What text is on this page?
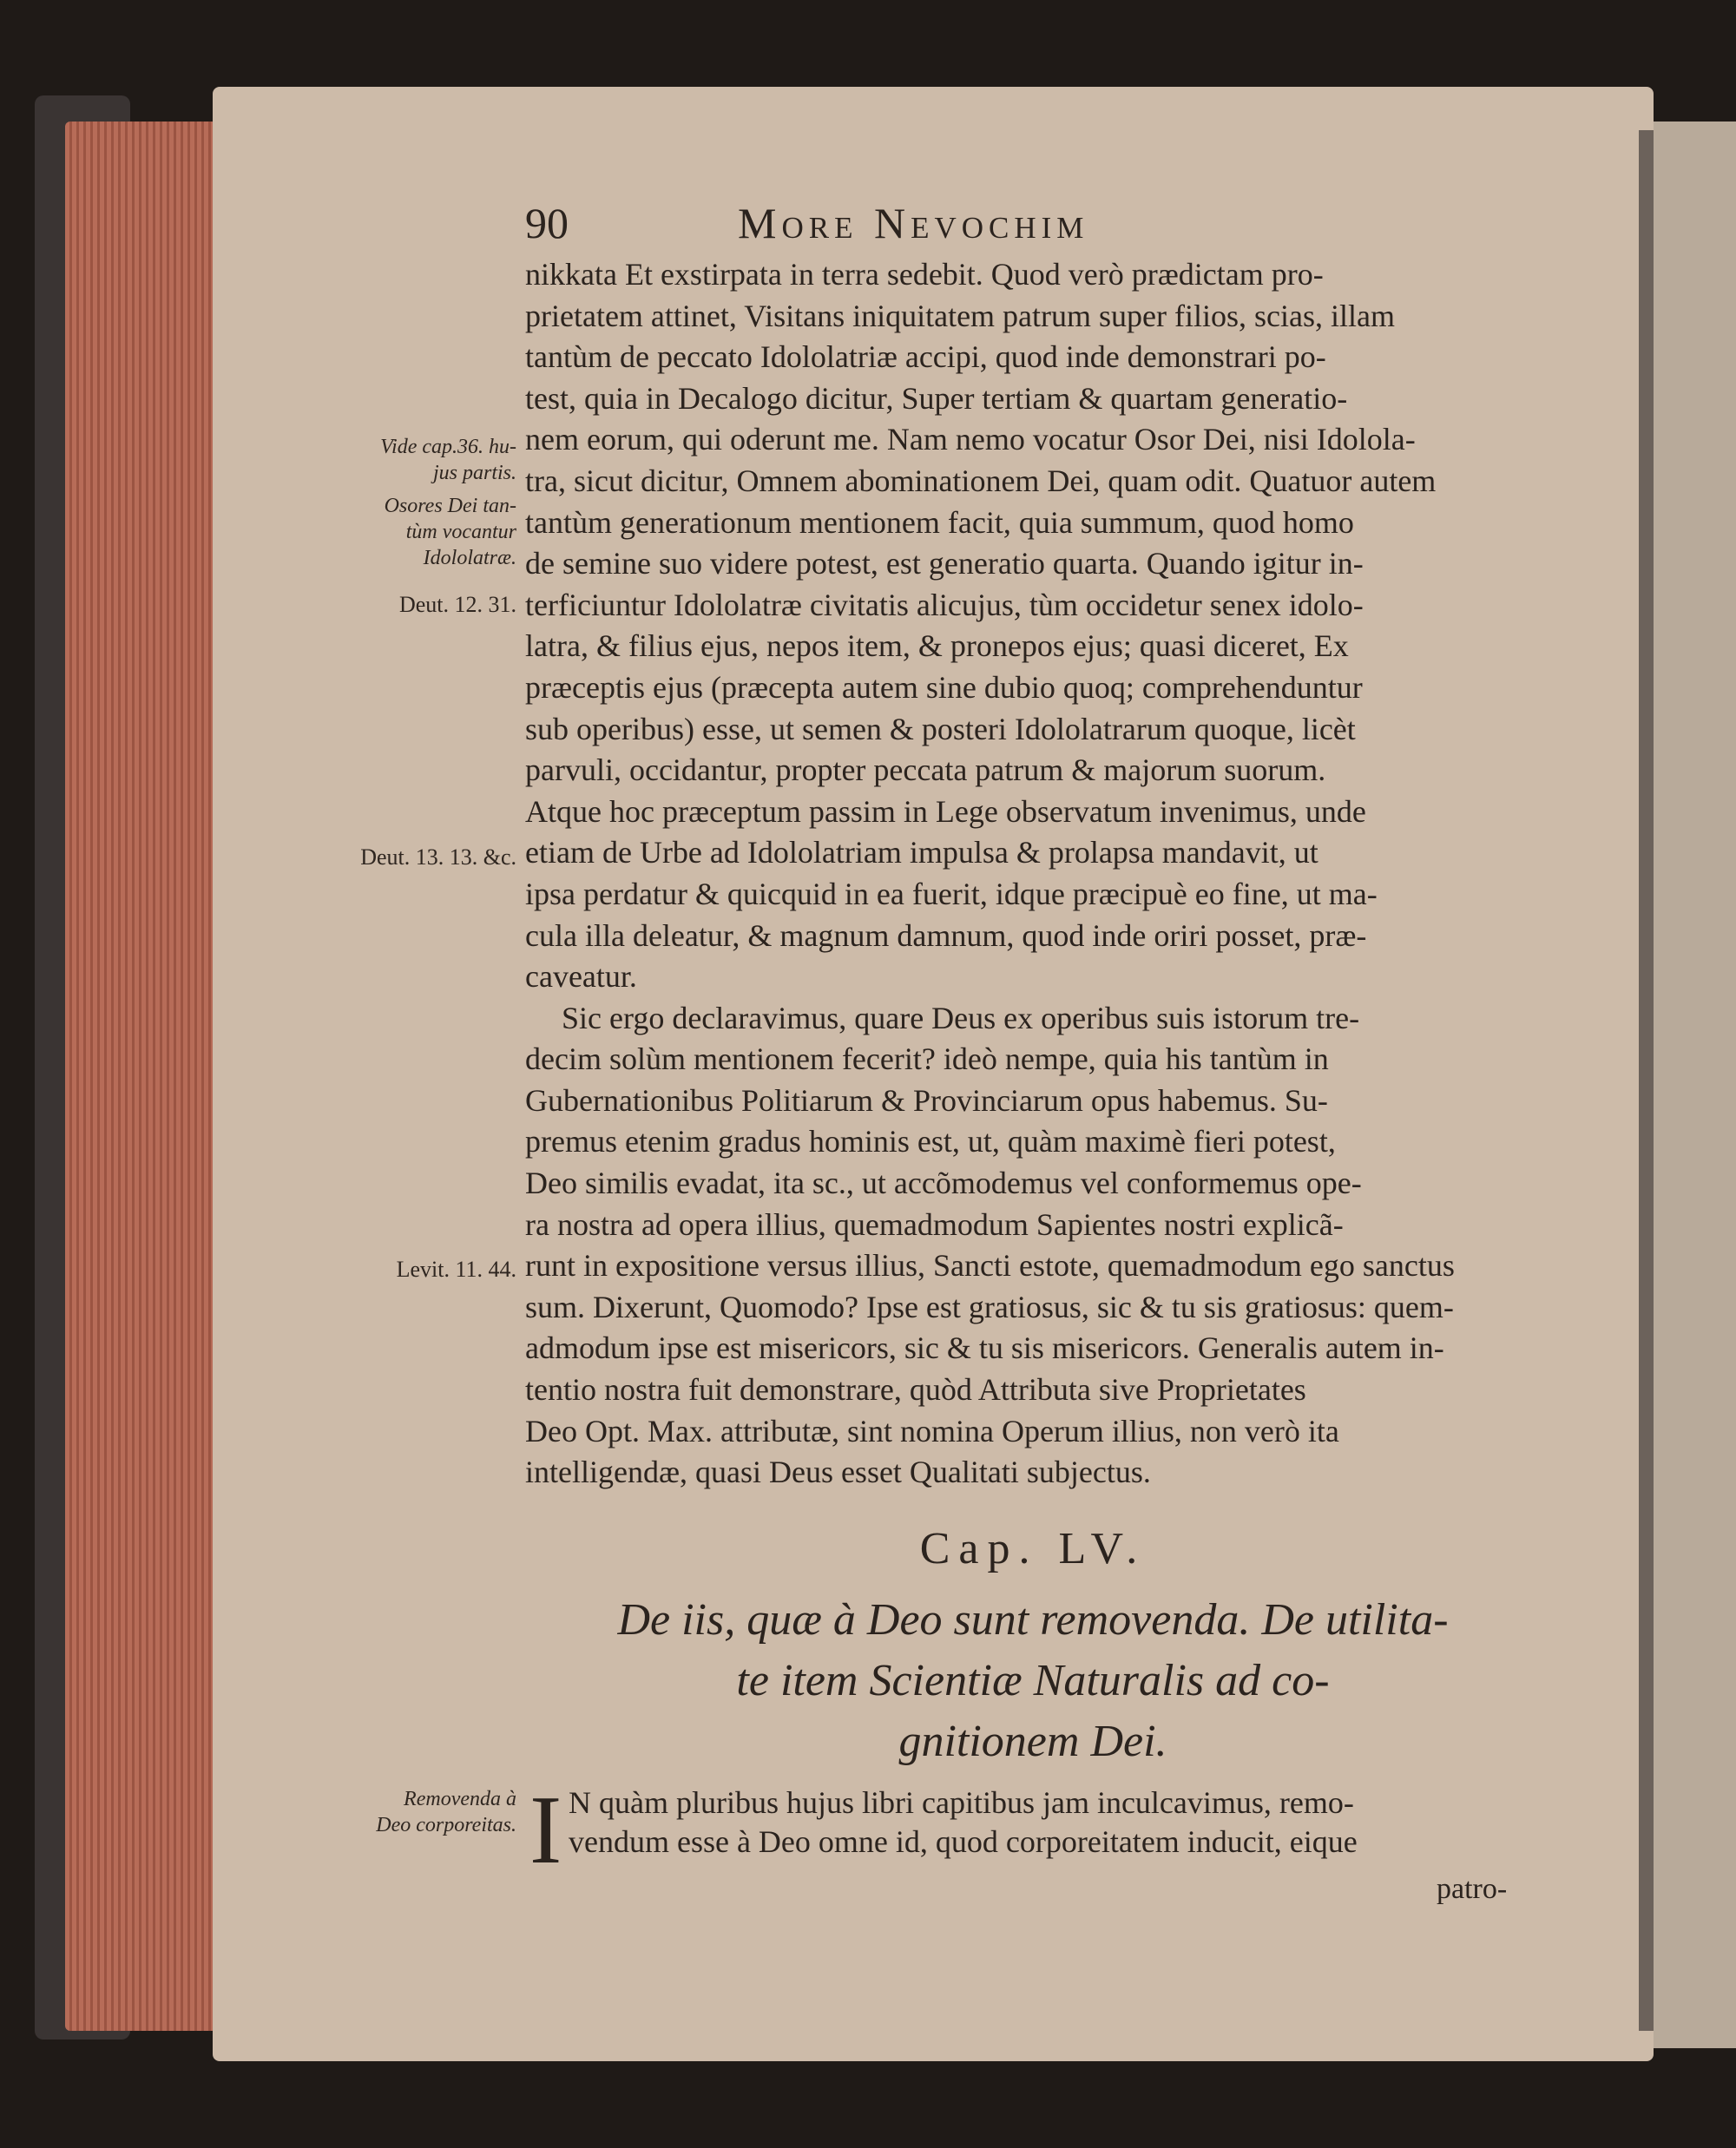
90	More Nevochim
nikkata Et exstirpata in terra sedebit. Quod verò prædictam pro-
prietatem attinet, Visitans iniquitatem patrum super filios, scias, illam
tantùm de peccato Idololatriæ accipi, quod inde demonstrari po-
test, quia in Decalogo dicitur, Super tertiam & quartam generatio-
nem eorum, qui oderunt me. Nam nemo vocatur Osor Dei, nisi Idolola-
tra, sicut dicitur, Omnem abominationem Dei, quam odit. Quatuor autem
tantùm generationum mentionem facit, quia summum, quod homo
de semine suo videre potest, est generatio quarta. Quando igitur in-
terficiuntur Idololatræ civitatis alicujus, tùm occidetur senex idolo-
latra, & filius ejus, nepos item, & pronepos ejus; quasi diceret, Ex
præceptis ejus (præcepta autem sine dubio quoq; comprehenduntur
sub operibus) esse, ut semen & posteri Idololatrarum quoque, licèt
parvuli, occidantur, propter peccata patrum & majorum suorum.
Atque hoc præceptum passim in Lege observatum invenimus, unde
etiam de Urbe ad Idololatriam impulsa & prolapsa mandavit, ut
ipsa perdatur & quicquid in ea fuerit, idque præcipuè eo fine, ut ma-
cula illa deleatur, & magnum damnum, quod inde oriri posset, præ-
caveatur.
Sic ergo declaravimus, quare Deus ex operibus suis istorum tre-
decim solùm mentionem fecerit? ideò nempe, quia his tantùm in
Gubernationibus Politiarum & Provinciarum opus habemus. Su-
premus etenim gradus hominis est, ut, quàm maximè fieri potest,
Deo similis evadat, ita sc., ut accõmodemus vel conformemus ope-
ra nostra ad opera illius, quemadmodum Sapientes nostri explicã-
runt in expositione versus illius, Sancti estote, quemadmodum ego sanctus
sum. Dixerunt, Quomodo? Ipse est gratiosus, sic & tu sis gratiosus: quem-
admodum ipse est misericors, sic & tu sis misericors. Generalis autem in-
tentio nostra fuit demonstrare, quòd Attributa sive Proprietates
Deo Opt. Max. attributæ, sint nomina Operum illius, non verò ita
intelligendæ, quasi Deus esset Qualitati subjectus.
Vide cap.36. hu-
jus partis.
Osores Dei tan-
tùm vocantur
Idololatræ.
Deut. 12. 31.
Deut. 13. 13. &c.
Levit. 11. 44.
Removenda à
Deo corporeitas.
Cap. LV.
De iis, quæ à Deo sunt removenda. De utilita-
te item Scientiæ Naturalis ad co-
gnitionem Dei.
I N quàm pluribus hujus libri capitibus jam inculcavimus, remo-
vendum esse à Deo omne id, quod corporeitatem inducit, eique
patro-
